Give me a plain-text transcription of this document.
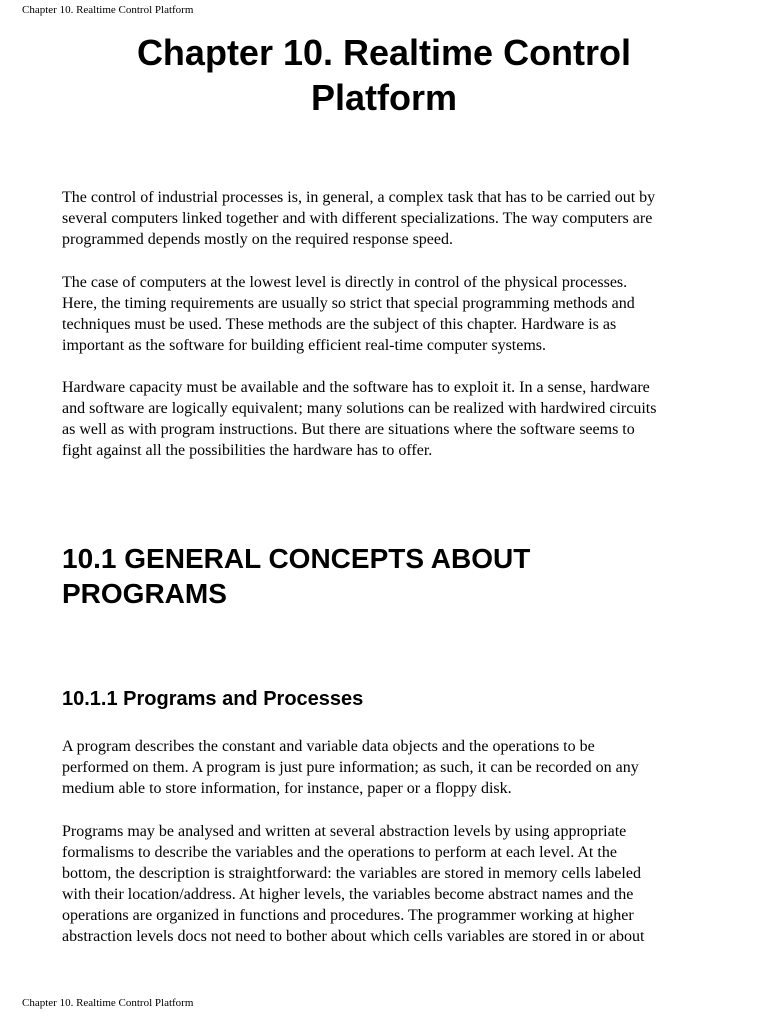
Chapter 10. Realtime Control Platform
Chapter 10. Realtime Control
Platform

The control of industrial processes is, in general, a complex task that has to be carried out by
several computers linked together and with different specializations. The way computers are
programmed depends mostly on the required response speed.

The case of computers at the lowest level is directly in control of the physical processes.
Here, the timing requirements are usually so strict that special programming methods and
techniques must be used. These methods are the subject of this chapter. Hardware is as
important as the software for building efficient real-time computer systems.

Hardware capacity must be available and the software has to exploit it. In a sense, hardware
and software are logically equivalent; many solutions can be realized with hardwired circuits
as well as with program instructions. But there are situations where the software seems to
fight against all the possibilities the hardware has to offer.

10.1 GENERAL CONCEPTS ABOUT
PROGRAMS
10.1.1 Programs and Processes

A program describes the constant and variable data objects and the operations to be
performed on them. A program is just pure information; as such, it can be recorded on any
medium able to store information, for instance, paper or a floppy disk.

Programs may be analysed and written at several abstraction levels by using appropriate
formalisms to describe the variables and the operations to perform at each level. At the
bottom, the description is straightforward: the variables are stored in memory cells labeled
with their location/address. At higher levels, the variables become abstract names and the
operations are organized in functions and procedures. The programmer working at higher
abstraction levels docs not need to bother about which cells variables are stored in or about

Chapter 10. Realtime Control Platform
